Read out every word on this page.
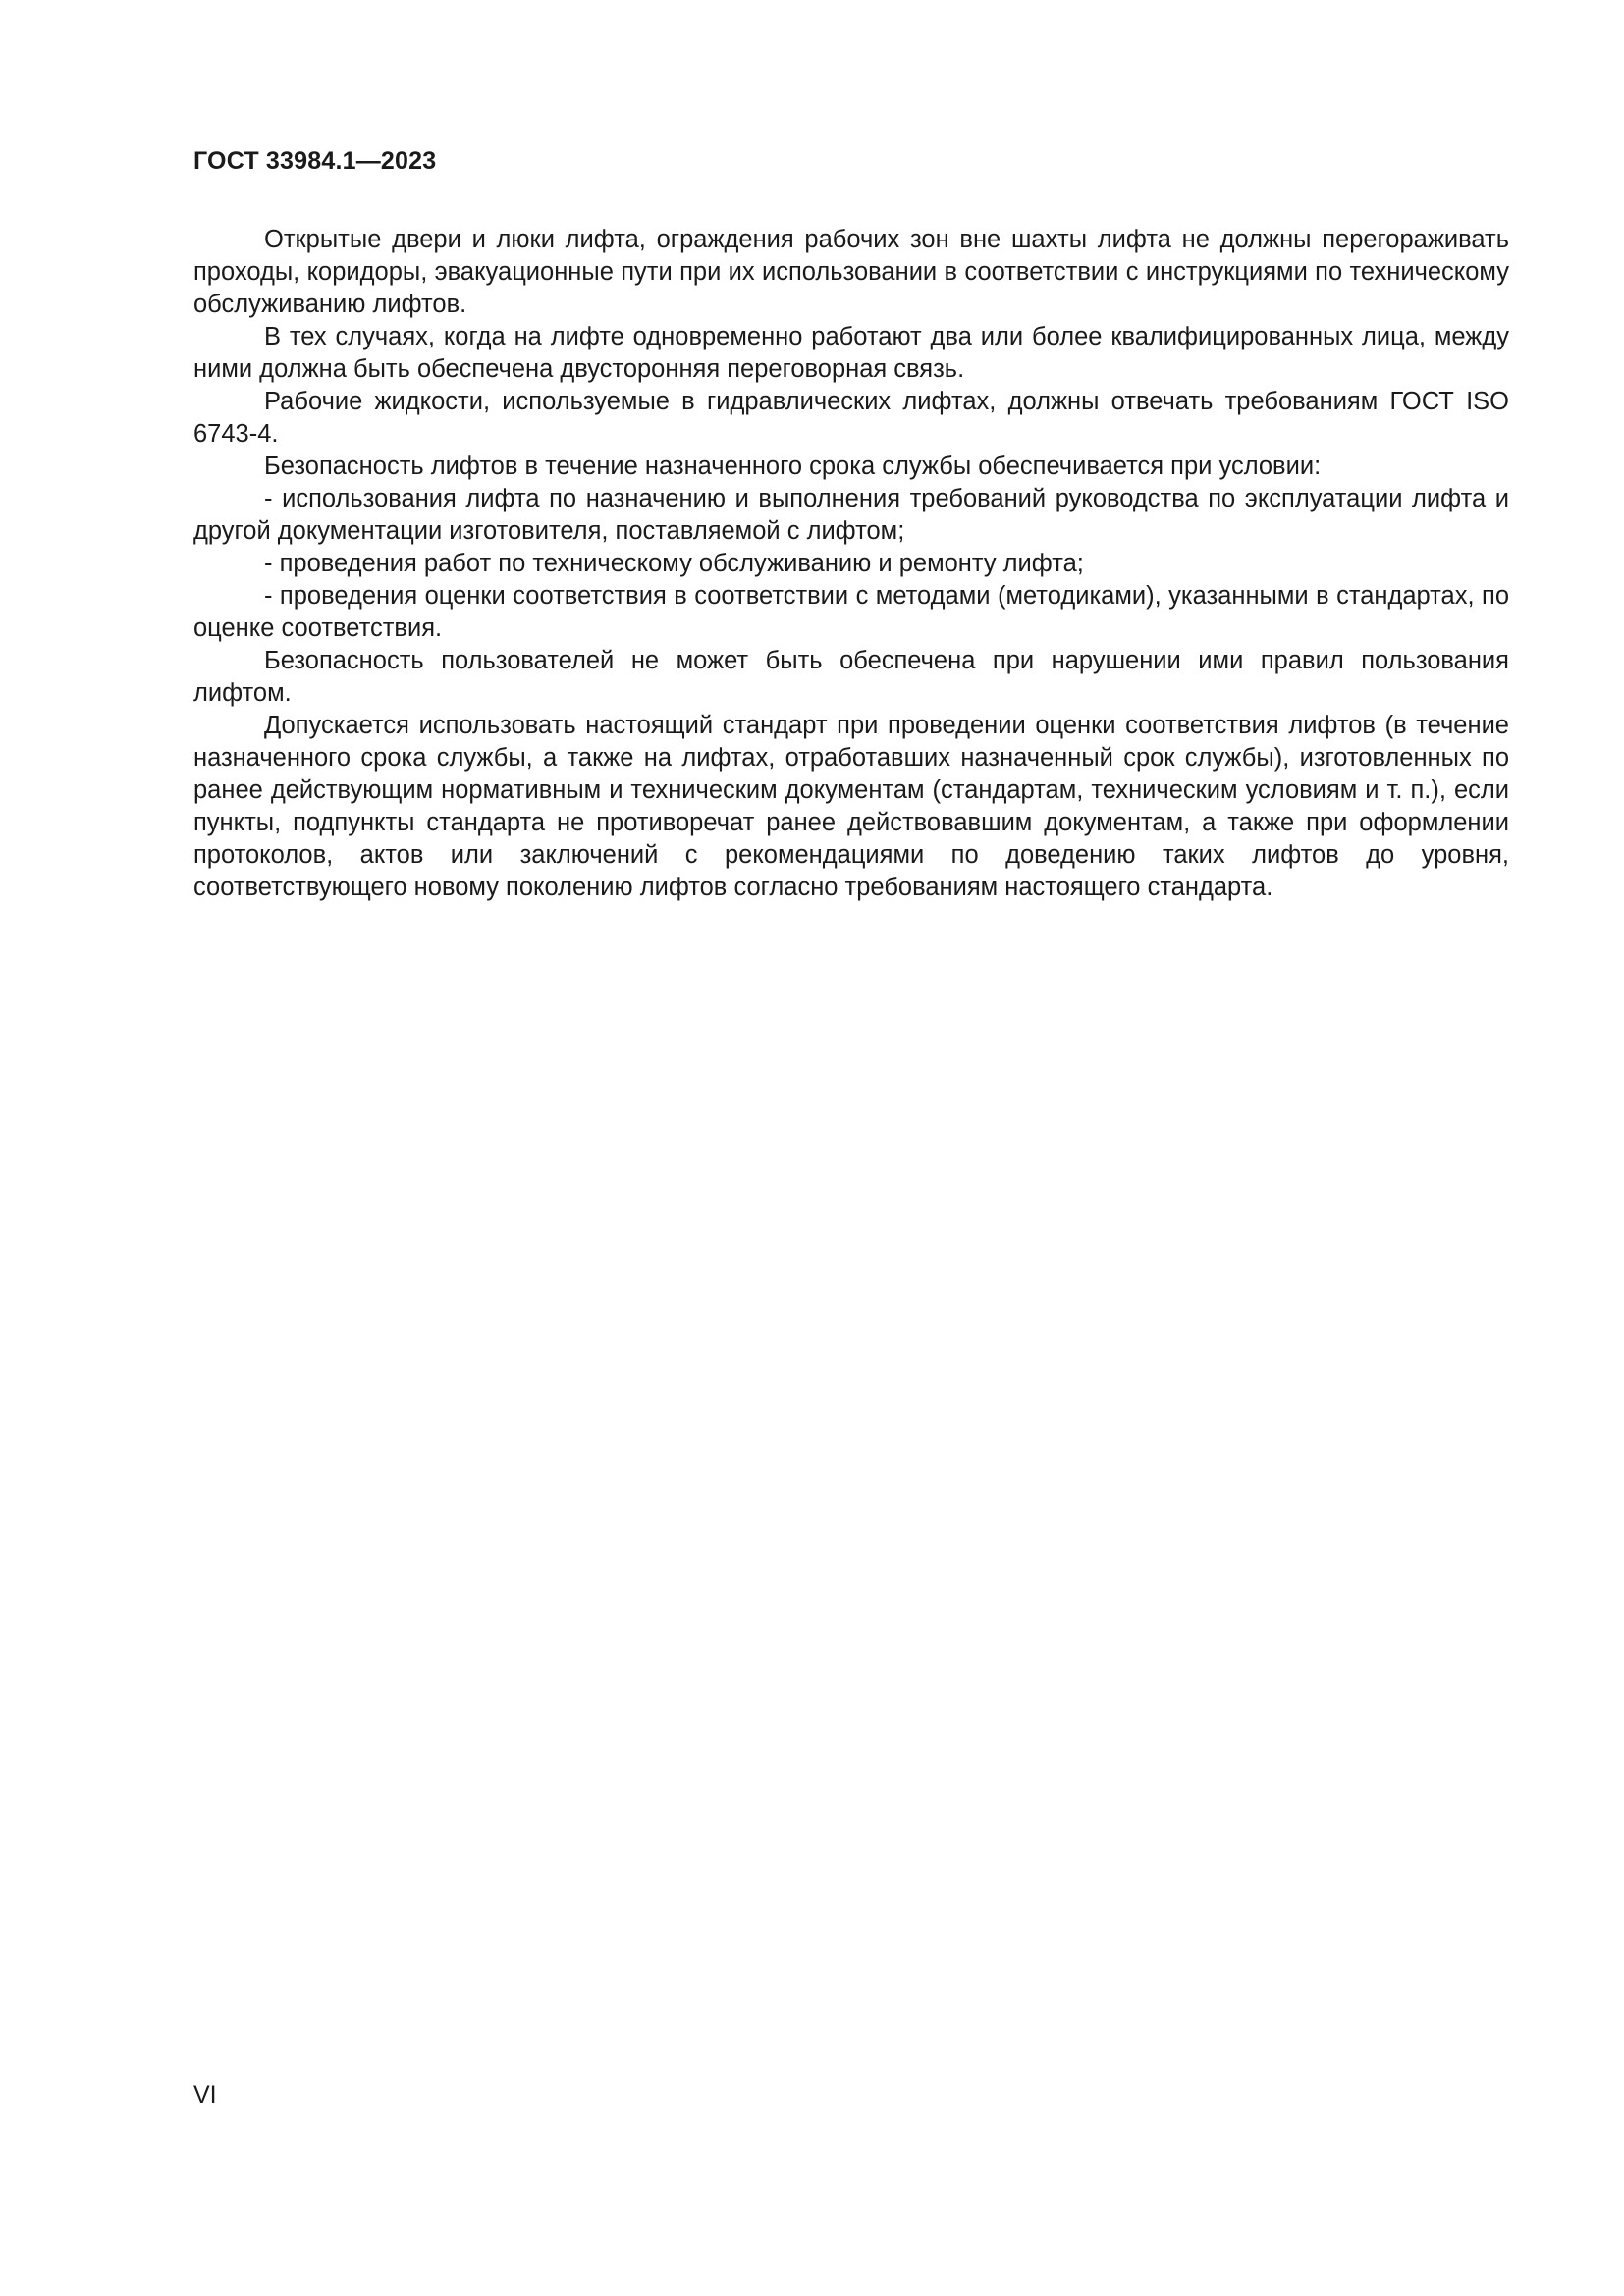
ГОСТ 33984.1—2023

Открытые двери и люки лифта, ограждения рабочих зон вне шахты лифта не должны перегораживать проходы, коридоры, эвакуационные пути при их использовании в соответствии с инструкциями по техническому обслуживанию лифтов.

В тех случаях, когда на лифте одновременно работают два или более квалифицированных лица, между ними должна быть обеспечена двусторонняя переговорная связь.

Рабочие жидкости, используемые в гидравлических лифтах, должны отвечать требованиям ГОСТ ISO 6743-4.

Безопасность лифтов в течение назначенного срока службы обеспечивается при условии:

- использования лифта по назначению и выполнения требований руководства по эксплуатации лифта и другой документации изготовителя, поставляемой с лифтом;

- проведения работ по техническому обслуживанию и ремонту лифта;

- проведения оценки соответствия в соответствии с методами (методиками), указанными в стандартах, по оценке соответствия.

Безопасность пользователей не может быть обеспечена при нарушении ими правил пользования лифтом.

Допускается использовать настоящий стандарт при проведении оценки соответствия лифтов (в течение назначенного срока службы, а также на лифтах, отработавших назначенный срок службы), изготовленных по ранее действующим нормативным и техническим документам (стандартам, техническим условиям и т. п.), если пункты, подпункты стандарта не противоречат ранее действовавшим документам, а также при оформлении протоколов, актов или заключений с рекомендациями по доведению таких лифтов до уровня, соответствующего новому поколению лифтов согласно требованиям настоящего стандарта.

VI
